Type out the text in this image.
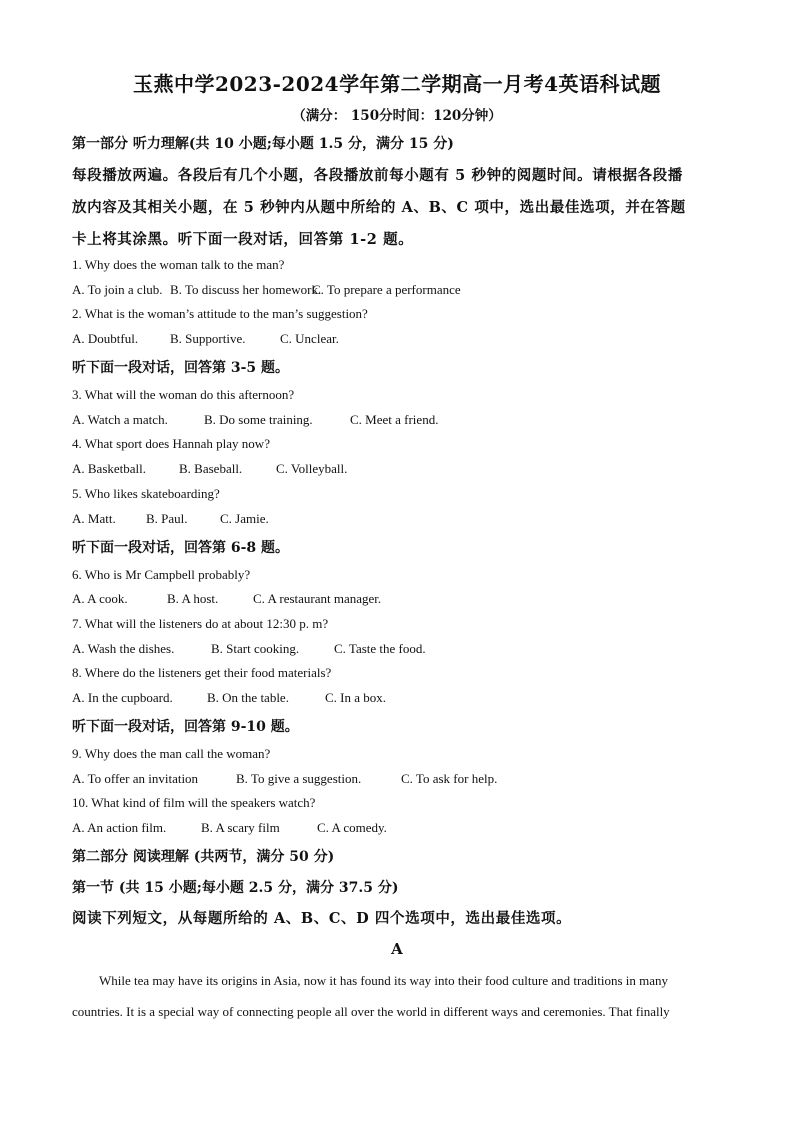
玉燕中学2023-2024学年第二学期高一月考4英语科试题
（满分： 150分时间：120分钟）
第一部分 听力理解(共 10 小题;每小题 1.5 分，满分 15 分)
每段播放两遍。各段后有几个小题，各段播放前每小题有 5 秒钟的阅题时间。请根据各段播
放内容及其相关小题，在 5 秒钟内从题中所给的 A、B、C 项中，选出最佳选项，并在答题
卡上将其涂黑。听下面一段对话，回答第 1-2 题。
1. Why does the woman talk to the man?
A. To join a club. B. To discuss her homework.C. To prepare a performance
2. What is the woman’s attitude to the man’s suggestion?
A. Doubtful. B. Supportive.	C. Unclear.
听下面一段对话，回答第 3-5 题。
3. What will the woman do this afternoon?
A. Watch a match.	B. Do some training.	C. Meet a friend.
4. What sport does Hannah play now?
A. Basketball.	B. Baseball.	C. Volleyball.
5. Who likes skateboarding?
A. Matt. B. Paul. C. Jamie.
听下面一段对话，回答第 6-8 题。
6. Who is Mr Campbell probably?
A. A cook.	B. A host.	C. A restaurant manager.
7. What will the listeners do at about 12:30 p. m?
A. Wash the dishes.	B. Start cooking.	C. Taste the food.
8. Where do the listeners get their food materials?
A. In the cupboard.	B. On the table.	C. In a box.
听下面一段对话，回答第 9-10 题。
9. Why does the man call the woman?
A. To offer an invitation	B. To give a suggestion.	C. To ask for help.
10. What kind of film will the speakers watch?
A. An action film.	B. A scary film	C. A comedy.
第二部分 阅读理解 (共两节，满分 50 分)
第一节 (共 15 小题;每小题 2.5 分，满分 37.5 分)
阅读下列短文，从每题所给的 A、B、C、D 四个选项中，选出最佳选项。
A
While tea may have its origins in Asia, now it has found its way into their food culture and traditions in many
countries. It is a special way of connecting people all over the world in different ways and ceremonies. That finally
